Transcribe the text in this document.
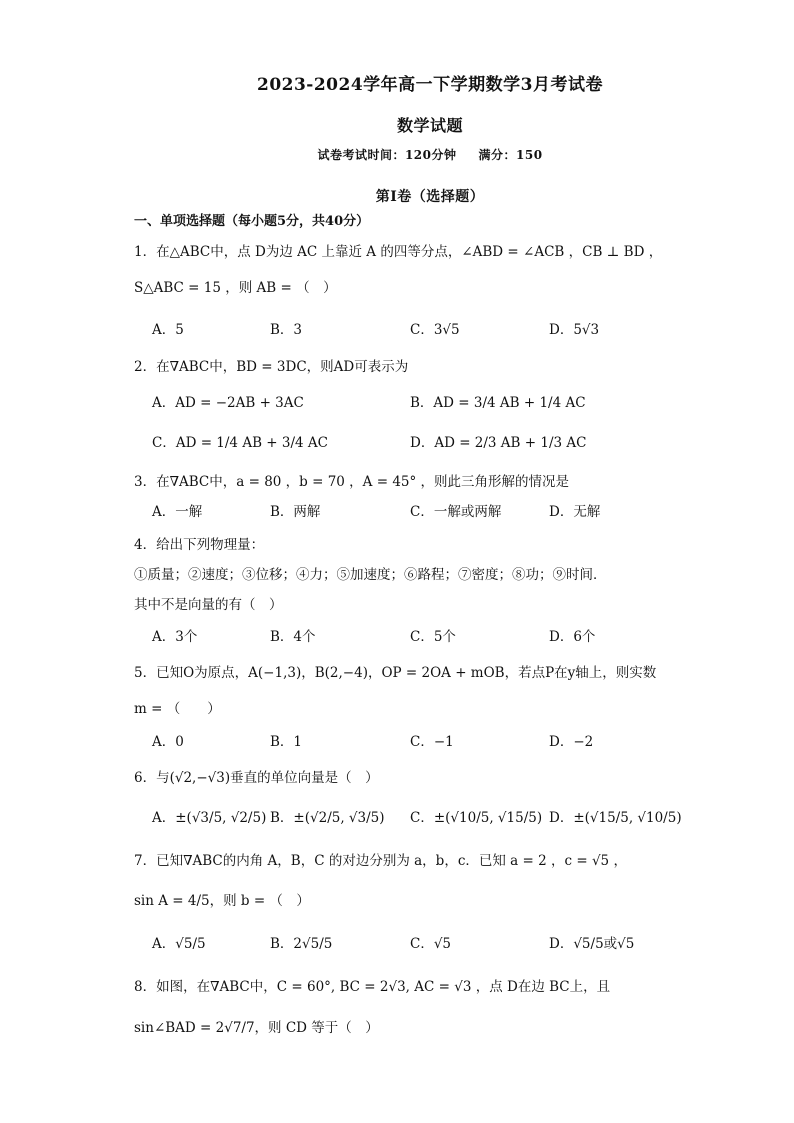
2023-2024学年高一下学期数学3月考试卷
数学试题
试卷考试时间：120分钟 满分：150
第Ⅰ卷（选择题）
一、单项选择题（每小题5分，共40分）
1．在△ABC中，点 D为边 AC 上靠近 A 的四等分点，∠ABD = ∠ACB ，CB ⊥ BD ，
S△ABC = 15 ，则 AB = （　）
A．5	B．3	C．3√5	D．5√3
2．在∇ABC中，BD = 3DC，则AD可表示为
A．AD = −2AB + 3AC	B．AD = 3/4 AB + 1/4 AC
C．AD = 1/4 AB + 3/4 AC	D．AD = 2/3 AB + 1/3 AC
3．在∇ABC中，a = 80 ，b = 70 ，A = 45° ，则此三角形解的情况是
A．一解	B．两解	C．一解或两解	D．无解
4．给出下列物理量：
①质量；②速度；③位移；④力；⑤加速度；⑥路程；⑦密度；⑧功；⑨时间．
其中不是向量的有（　）
A．3个	B．4个	C．5个	D．6个
5．已知O为原点，A(−1,3)，B(2,−4)，OP = 2OA + mOB，若点P在y轴上，则实数
m = （　　）
A．0	B．1	C．−1	D．−2
6．与(√2,−√3)垂直的单位向量是（　）
A．±(√3/5, √2/5) B．±(√2/5, √3/5) C．±(√10/5, √15/5) D．±(√15/5, √10/5)
7．已知∇ABC的内角 A，B，C 的对边分别为 a，b，c．已知 a = 2 ，c = √5 ，
sin A = 4/5，则 b = （　）
A．√5/5	B．2√5/5	C．√5	D．√5/5或√5
8．如图，在∇ABC中，C = 60°, BC = 2√3, AC = √3 ，点 D在边 BC上，且
sin∠BAD = 2√7/7，则 CD 等于（　）
